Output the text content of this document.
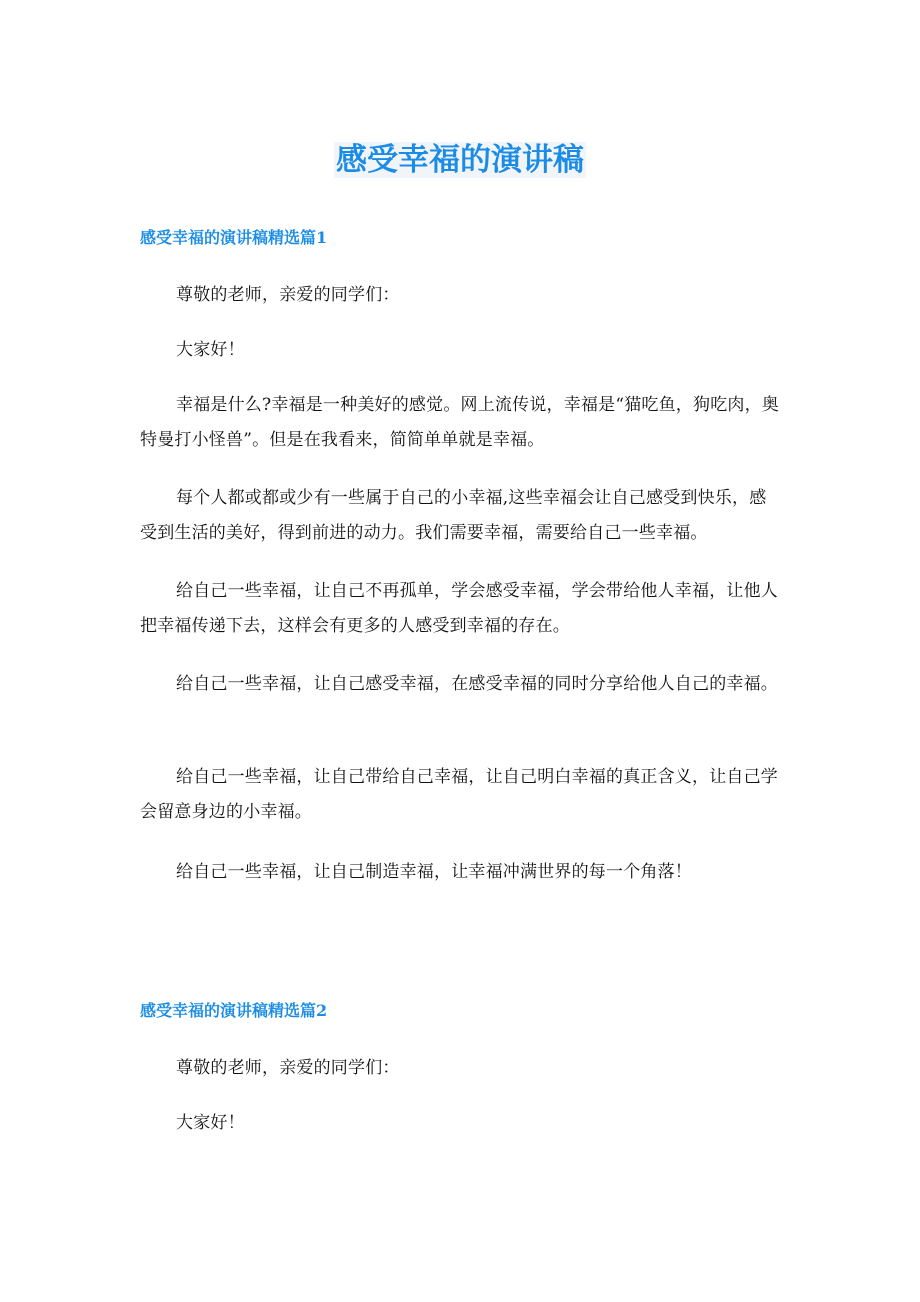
感受幸福的演讲稿
感受幸福的演讲稿精选篇1

尊敬的老师，亲爱的同学们：

大家好！

幸福是什么?幸福是一种美好的感觉。网上流传说，幸福是“猫吃鱼，狗吃肉，奥特曼打小怪兽”。但是在我看来，简简单单就是幸福。

每个人都或都或少有一些属于自己的小幸福,这些幸福会让自己感受到快乐，感受到生活的美好，得到前进的动力。我们需要幸福，需要给自己一些幸福。

给自己一些幸福，让自己不再孤单，学会感受幸福，学会带给他人幸福，让他人把幸福传递下去，这样会有更多的人感受到幸福的存在。

给自己一些幸福，让自己感受幸福，在感受幸福的同时分享给他人自己的幸福。

给自己一些幸福，让自己带给自己幸福，让自己明白幸福的真正含义，让自己学会留意身边的小幸福。

给自己一些幸福，让自己制造幸福，让幸福冲满世界的每一个角落！

感受幸福的演讲稿精选篇2

尊敬的老师，亲爱的同学们：

大家好！
